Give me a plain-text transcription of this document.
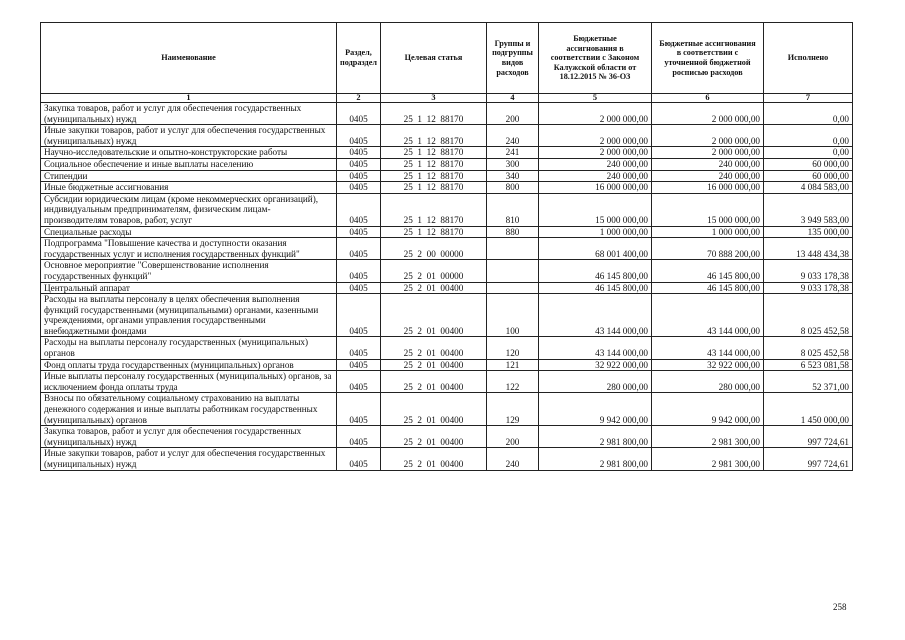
Наименование	Раздел,
подраздел	Целевая статья	Группы и
подгруппы
видов
расходов	Бюджетные
ассигнования в
соответствии с Законом
Калужской области от
18.12.2015 № 36-ОЗ	Бюджетные ассигнования
в соответствии с
уточненной бюджетной
росписью расходов	Исполнено
1	2	3	4	5	6	7
Закупка товаров, работ и услуг для обеспечения государственных (муниципальных) нужд	0405	25  1  12  88170	200	2 000 000,00	2 000 000,00	0,00
Иные закупки товаров, работ и услуг для обеспечения государственных (муниципальных) нужд	0405	25  1  12  88170	240	2 000 000,00	2 000 000,00	0,00
Научно-исследовательские и опытно-конструкторские работы	0405	25  1  12  88170	241	2 000 000,00	2 000 000,00	0,00
Социальное обеспечение и иные выплаты населению	0405	25  1  12  88170	300	240 000,00	240 000,00	60 000,00
Стипендии	0405	25  1  12  88170	340	240 000,00	240 000,00	60 000,00
Иные бюджетные ассигнования	0405	25  1  12  88170	800	16 000 000,00	16 000 000,00	4 084 583,00
Субсидии юридическим лицам (кроме некоммерческих организаций), индивидуальным предпринимателям, физическим лицам-производителям товаров, работ, услуг	0405	25  1  12  88170	810	15 000 000,00	15 000 000,00	3 949 583,00
Специальные расходы	0405	25  1  12  88170	880	1 000 000,00	1 000 000,00	135 000,00
Подпрограмма "Повышение качества и доступности оказания государственных услуг и исполнения государственных функций"	0405	25  2  00  00000		68 001 400,00	70 888 200,00	13 448 434,38
Основное мероприятие "Совершенствование исполнения государственных функций"	0405	25  2  01  00000		46 145 800,00	46 145 800,00	9 033 178,38
Центральный аппарат	0405	25  2  01  00400		46 145 800,00	46 145 800,00	9 033 178,38
Расходы на выплаты персоналу в целях обеспечения выполнения функций государственными (муниципальными) органами, казенными учреждениями, органами управления государственными внебюджетными фондами	0405	25  2  01  00400	100	43 144 000,00	43 144 000,00	8 025 452,58
Расходы на выплаты персоналу государственных (муниципальных) органов	0405	25  2  01  00400	120	43 144 000,00	43 144 000,00	8 025 452,58
Фонд оплаты труда государственных (муниципальных) органов	0405	25  2  01  00400	121	32 922 000,00	32 922 000,00	6 523 081,58
Иные выплаты персоналу государственных (муниципальных) органов, за исключением фонда оплаты труда	0405	25  2  01  00400	122	280 000,00	280 000,00	52 371,00
Взносы по обязательному социальному страхованию на выплаты денежного содержания и иные выплаты работникам государственных (муниципальных) органов	0405	25  2  01  00400	129	9 942 000,00	9 942 000,00	1 450 000,00
Закупка товаров, работ и услуг для обеспечения государственных (муниципальных) нужд	0405	25  2  01  00400	200	2 981 800,00	2 981 300,00	997 724,61
Иные закупки товаров, работ и услуг для обеспечения государственных (муниципальных) нужд	0405	25  2  01  00400	240	2 981 800,00	2 981 300,00	997 724,61
258
